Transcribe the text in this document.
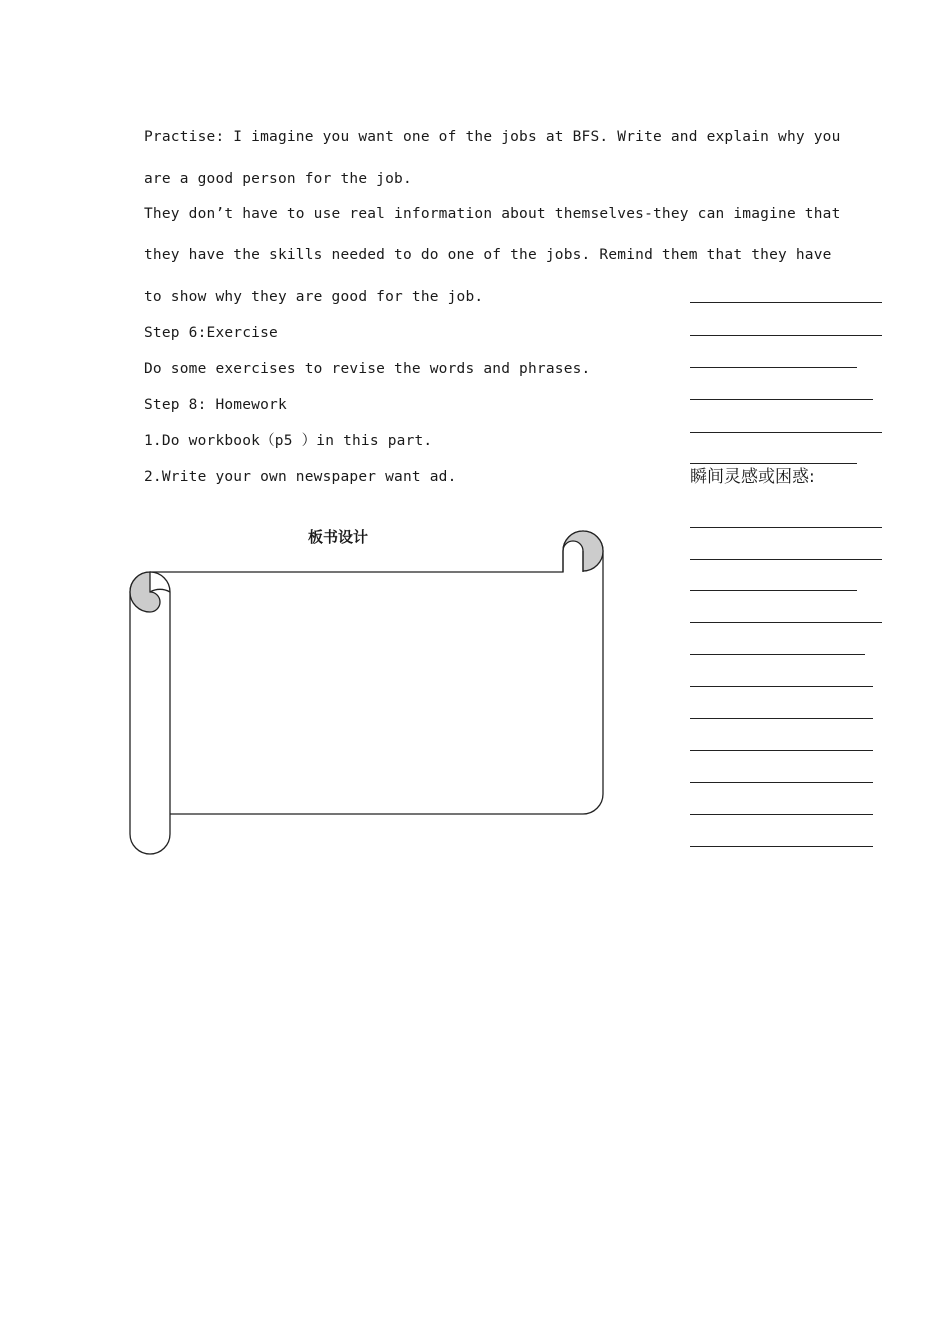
Practise: I imagine you want one of the jobs at BFS. Write and explain why you
are a good person for the job.
They don’t have to use real information about themselves-they can imagine that
they have the skills needed to do one of the jobs. Remind them that they have
to show why they are good for the job.
Step 6:Exercise
Do some exercises to revise the words and phrases.
Step 8: Homework
1.Do workbook（p5 ）in this part.
2.Write your own newspaper want ad.	瞬间灵感或困惑:
板书设计
